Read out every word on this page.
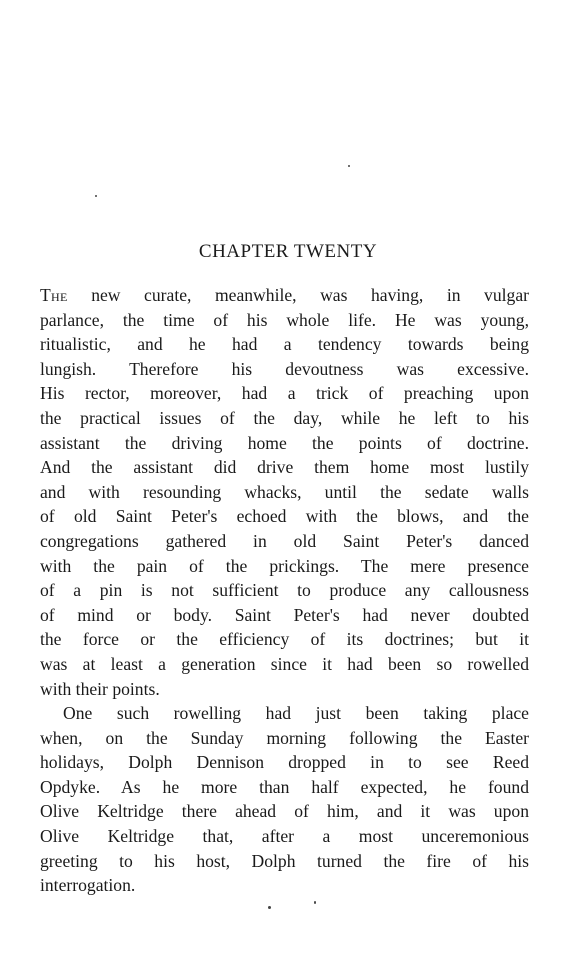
CHAPTER TWENTY
The new curate, meanwhile, was having, in vulgar
parlance, the time of his whole life. He was young,
ritualistic, and he had a tendency towards being
lungish. Therefore his devoutness was excessive.
His rector, moreover, had a trick of preaching upon
the practical issues of the day, while he left to his
assistant the driving home the points of doctrine.
And the assistant did drive them home most lustily
and with resounding whacks, until the sedate walls
of old Saint Peter's echoed with the blows, and the
congregations gathered in old Saint Peter's danced
with the pain of the prickings. The mere presence
of a pin is not sufficient to produce any callousness
of mind or body. Saint Peter's had never doubted
the force or the efficiency of its doctrines; but it
was at least a generation since it had been so rowelled
with their points.
One such rowelling had just been taking place
when, on the Sunday morning following the Easter
holidays, Dolph Dennison dropped in to see Reed
Opdyke. As he more than half expected, he found
Olive Keltridge there ahead of him, and it was upon
Olive Keltridge that, after a most unceremonious
greeting to his host, Dolph turned the fire of his
interrogation.
